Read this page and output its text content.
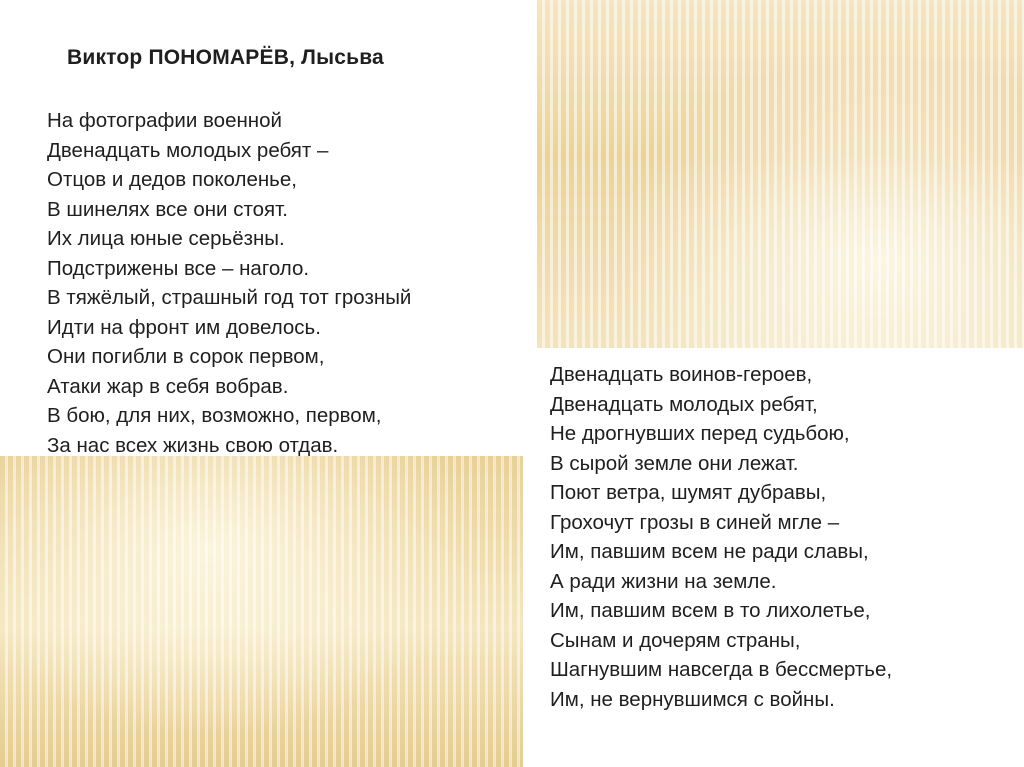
Виктор ПОНОМАРЁВ, Лысьва
На фотографии военной
Двенадцать молодых ребят –
Отцов и дедов поколенье,
В шинелях все они стоят.
Их лица юные серьёзны.
Подстрижены все – наголо.
В тяжёлый, страшный год тот грозный
Идти на фронт им довелось.
Они погибли в сорок первом,
Атаки жар в себя вобрав.
В бою, для них, возможно, первом,
За нас всех жизнь свою отдав.
Двенадцать воинов-героев,
Двенадцать молодых ребят,
Не дрогнувших перед судьбою,
В сырой земле они лежат.
Поют ветра, шумят дубравы,
Грохочут грозы в синей мгле –
Им, павшим всем не ради славы,
А ради жизни на земле.
Им, павшим всем в то лихолетье,
Сынам и дочерям страны,
Шагнувшим навсегда в бессмертье,
Им, не вернувшимся с войны.
